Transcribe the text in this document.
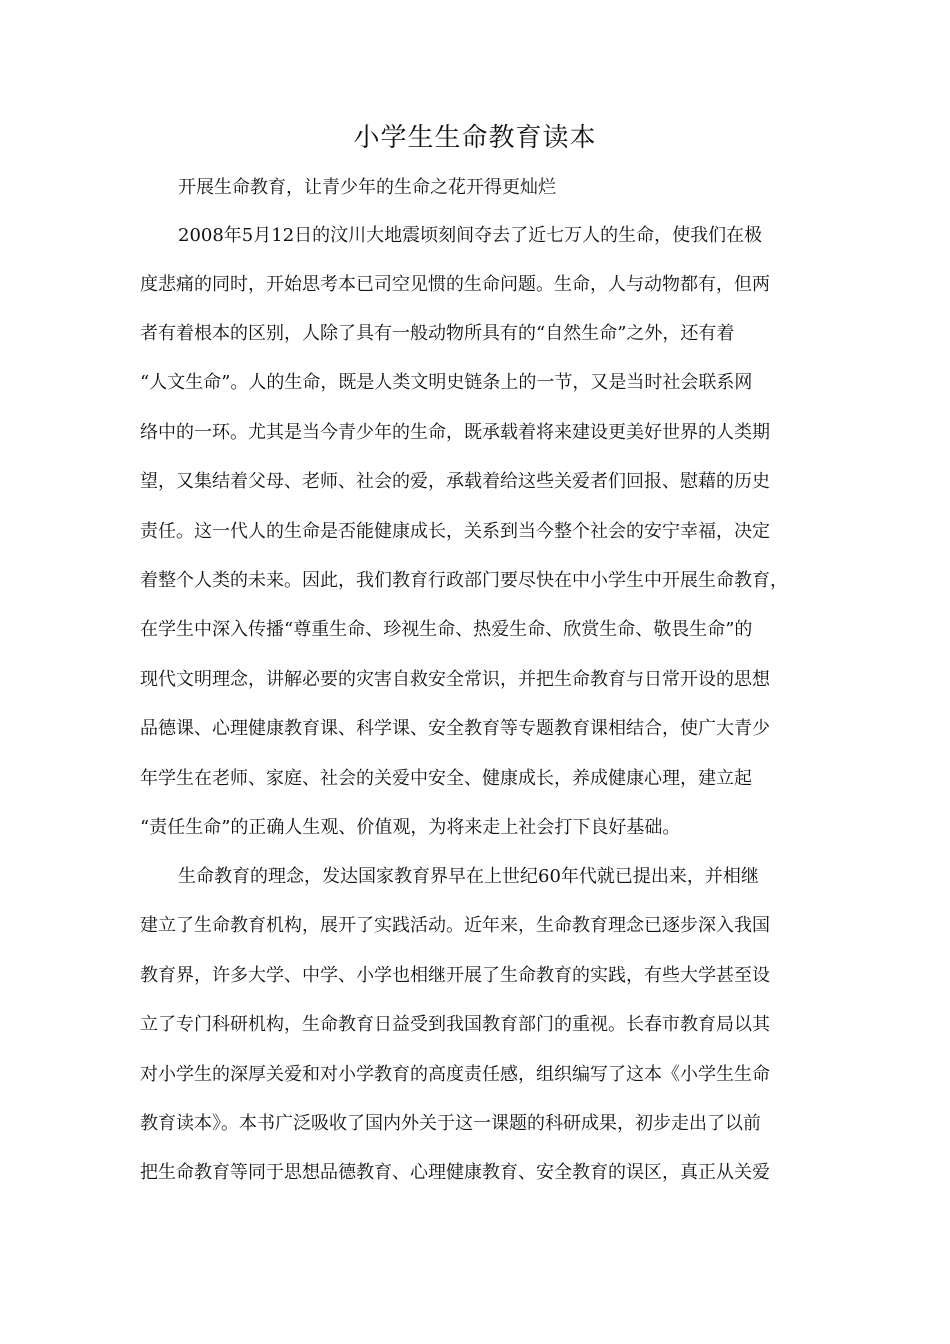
小学生生命教育读本
开展生命教育，让青少年的生命之花开得更灿烂
2008年5月12日的汶川大地震顷刻间夺去了近七万人的生命，使我们在极
度悲痛的同时，开始思考本已司空见惯的生命问题。生命，人与动物都有，但两
者有着根本的区别，人除了具有一般动物所具有的“自然生命”之外，还有着
“人文生命”。人的生命，既是人类文明史链条上的一节，又是当时社会联系网
络中的一环。尤其是当今青少年的生命，既承载着将来建设更美好世界的人类期
望，又集结着父母、老师、社会的爱，承载着给这些关爱者们回报、慰藉的历史
责任。这一代人的生命是否能健康成长，关系到当今整个社会的安宁幸福，决定
着整个人类的未来。因此，我们教育行政部门要尽快在中小学生中开展生命教育，
在学生中深入传播“尊重生命、珍视生命、热爱生命、欣赏生命、敬畏生命”的
现代文明理念，讲解必要的灾害自救安全常识，并把生命教育与日常开设的思想
品德课、心理健康教育课、科学课、安全教育等专题教育课相结合，使广大青少
年学生在老师、家庭、社会的关爱中安全、健康成长，养成健康心理，建立起
“责任生命”的正确人生观、价值观，为将来走上社会打下良好基础。
生命教育的理念，发达国家教育界早在上世纪60年代就已提出来，并相继
建立了生命教育机构，展开了实践活动。近年来，生命教育理念已逐步深入我国
教育界，许多大学、中学、小学也相继开展了生命教育的实践，有些大学甚至设
立了专门科研机构，生命教育日益受到我国教育部门的重视。长春市教育局以其
对小学生的深厚关爱和对小学教育的高度责任感，组织编写了这本《小学生生命
教育读本》。本书广泛吸收了国内外关于这一课题的科研成果，初步走出了以前
把生命教育等同于思想品德教育、心理健康教育、安全教育的误区，真正从关爱
